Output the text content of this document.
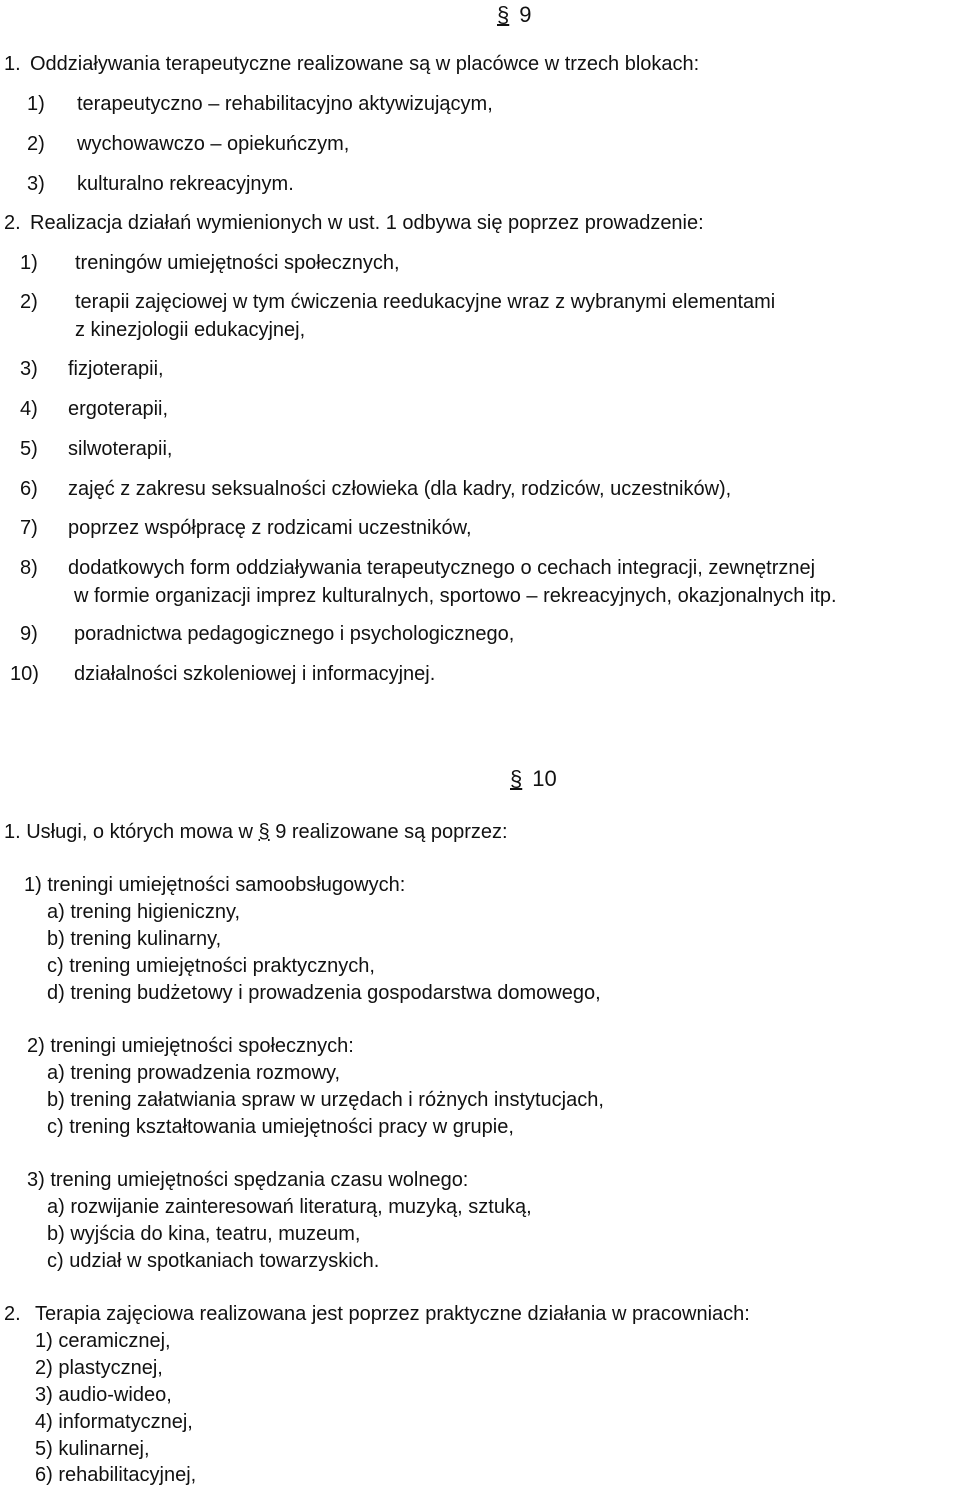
§ 9
1. Oddziaływania terapeutyczne realizowane są w placówce w trzech blokach:
1)	terapeutyczno – rehabilitacyjno aktywizującym,
2)	wychowawczo – opiekuńczym,
3)	kulturalno rekreacyjnym.
2. Realizacja działań wymienionych w ust. 1 odbywa się poprzez prowadzenie:
1)	treningów umiejętności społecznych,
2)	terapii zajęciowej w tym ćwiczenia reedukacyjne wraz z wybranymi elementami
z kinezjologii edukacyjnej,
3)	fizjoterapii,
4)	ergoterapii,
5)	silwoterapii,
6)	zajęć z zakresu seksualności człowieka (dla kadry, rodziców, uczestników),
7)	poprzez współpracę z rodzicami uczestników,
8)	dodatkowych form oddziaływania terapeutycznego o cechach integracji, zewnętrznej
w formie organizacji imprez kulturalnych, sportowo – rekreacyjnych, okazjonalnych itp.
9)	poradnictwa pedagogicznego i psychologicznego,
10)	działalności szkoleniowej i informacyjnej.
§ 10
1. Usługi, o których mowa w § 9 realizowane są poprzez:
1) treningi umiejętności samoobsługowych:
a) trening higieniczny,
b) trening kulinarny,
c) trening umiejętności praktycznych,
d) trening budżetowy i prowadzenia gospodarstwa domowego,
2) treningi umiejętności społecznych:
a) trening prowadzenia rozmowy,
b) trening załatwiania spraw w urzędach i różnych instytucjach,
c) trening kształtowania umiejętności pracy w grupie,
3) trening umiejętności spędzania czasu wolnego:
a) rozwijanie zainteresowań literaturą, muzyką, sztuką,
b) wyjścia do kina, teatru, muzeum,
c) udział w spotkaniach towarzyskich.
2. Terapia zajęciowa realizowana jest poprzez praktyczne działania w pracowniach:
1) ceramicznej,
2) plastycznej,
3) audio-wideo,
4) informatycznej,
5) kulinarnej,
6) rehabilitacyjnej,
